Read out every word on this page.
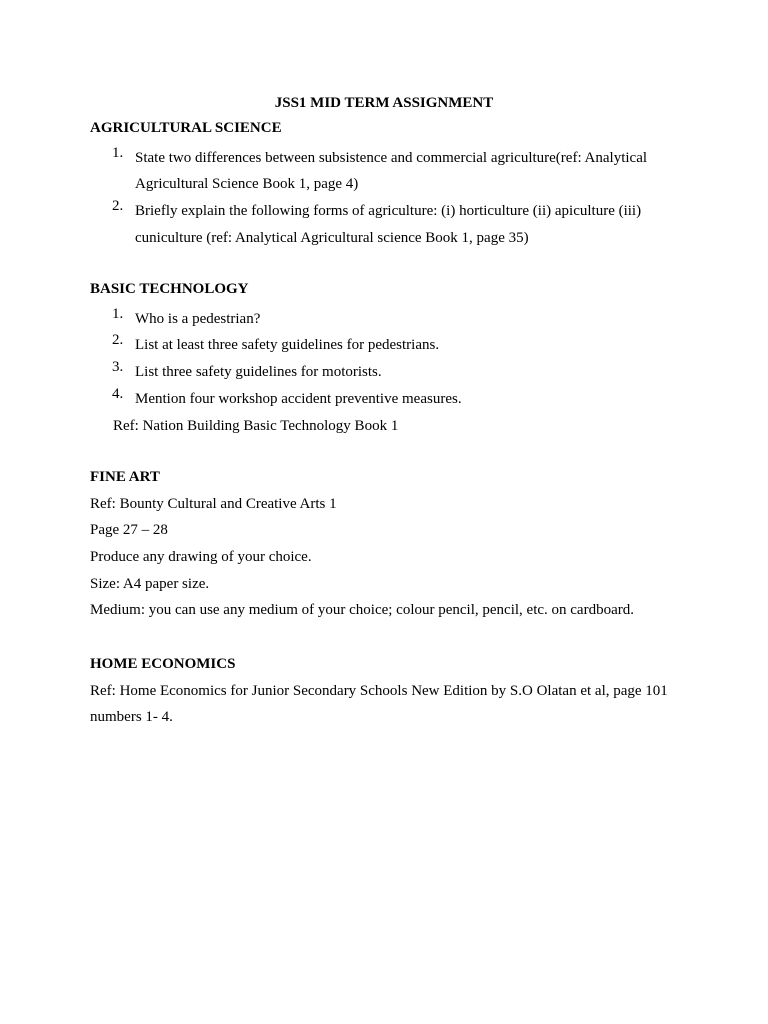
JSS1 MID TERM ASSIGNMENT
AGRICULTURAL SCIENCE
1. State two differences between subsistence and commercial agriculture(ref: Analytical
Agricultural Science Book 1, page 4)
2. Briefly explain the following forms of agriculture: (i) horticulture (ii) apiculture (iii)
cuniculture (ref: Analytical Agricultural science Book 1, page 35)
BASIC TECHNOLOGY
1. Who is a pedestrian?
2. List at least three safety guidelines for pedestrians.
3. List three safety guidelines for motorists.
4. Mention four workshop accident preventive measures.
Ref: Nation Building Basic Technology Book 1
FINE ART
Ref: Bounty Cultural and Creative Arts 1
Page 27 – 28
Produce any drawing of your choice.
Size: A4 paper size.
Medium: you can use any medium of your choice; colour pencil, pencil, etc. on cardboard.
HOME ECONOMICS
Ref: Home Economics for Junior Secondary Schools New Edition by S.O Olatan et al, page 101
numbers 1- 4.
